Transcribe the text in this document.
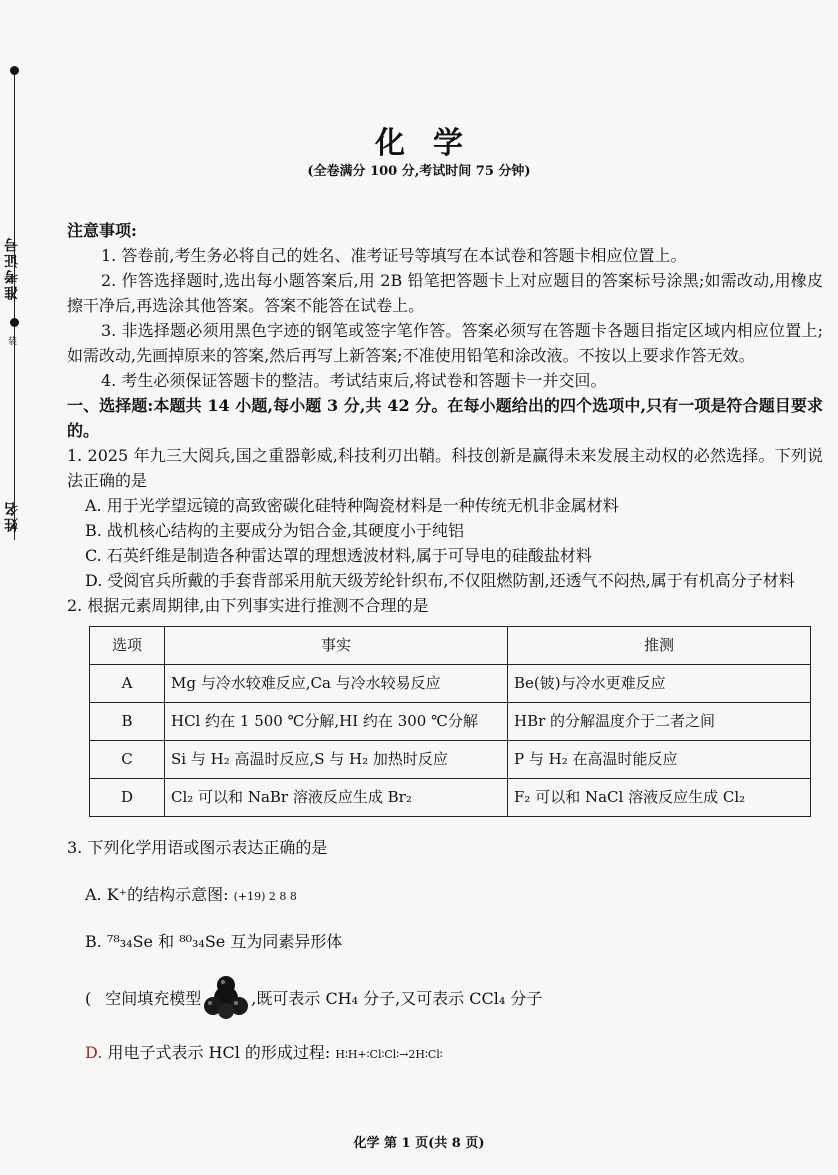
准考证号
装
姓名
化学
(全卷满分 100 分,考试时间 75 分钟)

注意事项:

1. 答卷前,考生务必将自己的姓名、准考证号等填写在本试卷和答题卡相应位置上。

2. 作答选择题时,选出每小题答案后,用 2B 铅笔把答题卡上对应题目的答案标号涂黑;如需改动,用橡皮擦干净后,再选涂其他答案。答案不能答在试卷上。

3. 非选择题必须用黑色字迹的钢笔或签字笔作答。答案必须写在答题卡各题目指定区域内相应位置上;如需改动,先画掉原来的答案,然后再写上新答案;不准使用铅笔和涂改液。不按以上要求作答无效。

4. 考生必须保证答题卡的整洁。考试结束后,将试卷和答题卡一并交回。

一、选择题:本题共 14 小题,每小题 3 分,共 42 分。在每小题给出的四个选项中,只有一项是符合题目要求的。

1. 2025 年九三大阅兵,国之重器彰威,科技利刃出鞘。科技创新是赢得未来发展主动权的必然选择。下列说法正确的是

A. 用于光学望远镜的高致密碳化硅特种陶瓷材料是一种传统无机非金属材料

B. 战机核心结构的主要成分为铝合金,其硬度小于纯铝

C. 石英纤维是制造各种雷达罩的理想透波材料,属于可导电的硅酸盐材料

D. 受阅官兵所戴的手套背部采用航天级芳纶针织布,不仅阻燃防割,还透气不闷热,属于有机高分子材料

2. 根据元素周期律,由下列事实进行推测不合理的是

选项	事实	推测
A	Mg 与冷水较难反应,Ca 与冷水较易反应	Be(铍)与冷水更难反应
B	HCl 约在 1 500 ℃分解,HI 约在 300 ℃分解	HBr 的分解温度介于二者之间
C	Si 与 H₂ 高温时反应,S 与 H₂ 加热时反应	P 与 H₂ 在高温时能反应
D	Cl₂ 可以和 NaBr 溶液反应生成 Br₂	F₂ 可以和 NaCl 溶液反应生成 Cl₂

3. 下列化学用语或图示表达正确的是

A. K⁺的结构示意图: (+19) 2 8 8

B. ⁷⁸₃₄Se 和 ⁸⁰₃₄Se 互为同素异形体

( 空间填充模型	,既可表示 CH₄ 分子,又可表示 CCl₄ 分子

D. 用电子式表示 HCl 的形成过程: H∶H+∶Cl∶Cl∶→2H∶Cl∶

化学 第 1 页(共 8 页)
